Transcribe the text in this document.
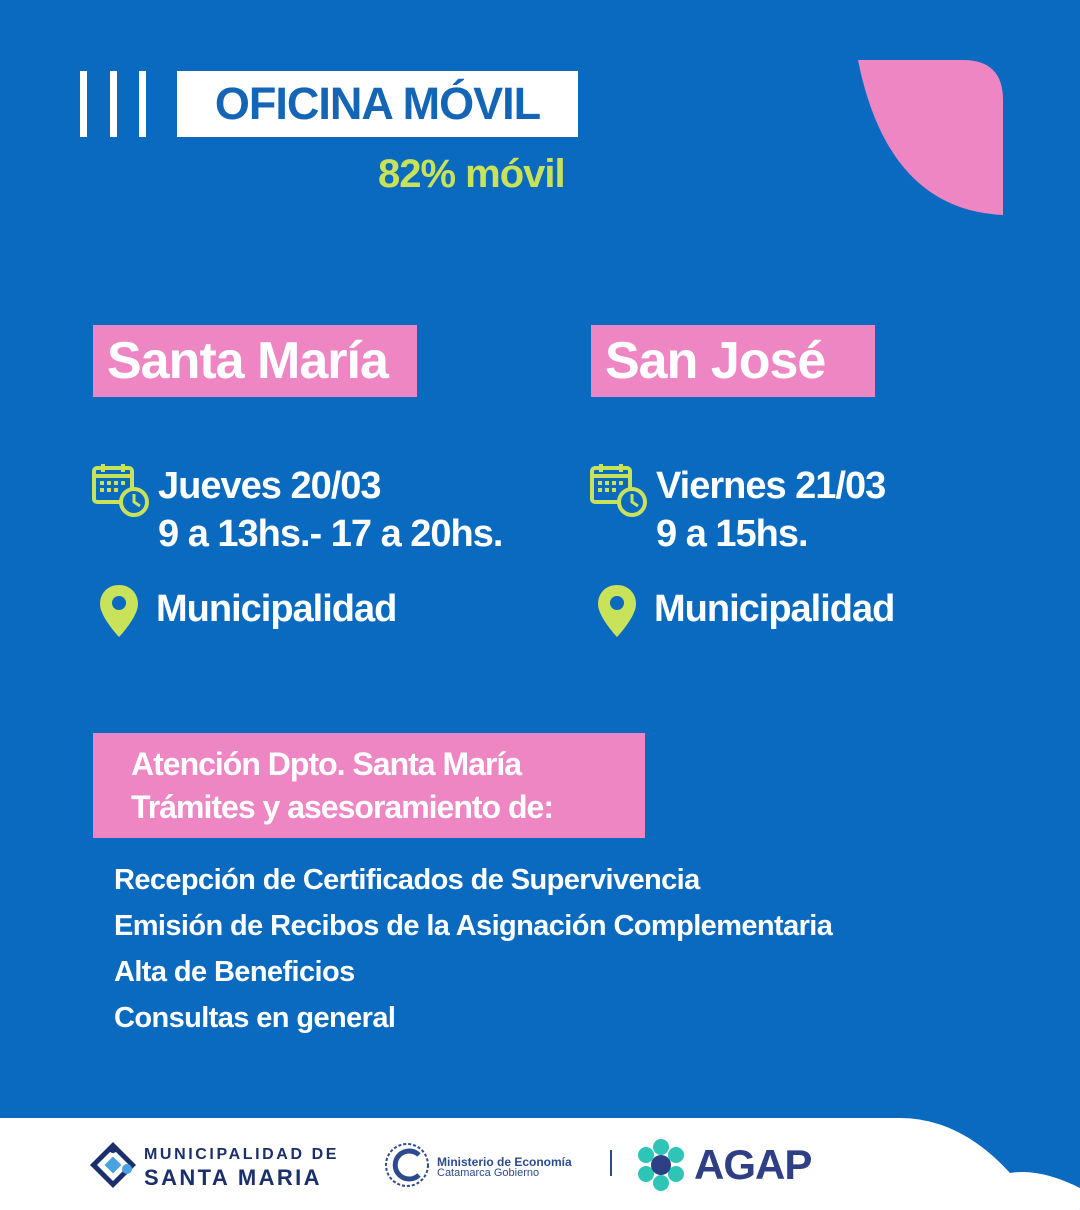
OFICINA MÓVIL
82% móvil
Santa María
Jueves 20/03
9 a 13hs.- 17 a 20hs.
Municipalidad
San José
Viernes 21/03
9 a 15hs.
Municipalidad
Atención Dpto. Santa María
Trámites y asesoramiento de:
Recepción de Certificados de Supervivencia
Emisión de Recibos de la Asignación Complementaria
Alta de Beneficios
Consultas en general
MUNICIPALIDAD DE
SANTA MARIA
Ministerio de Economía
Catamarca Gobierno	AGAP
